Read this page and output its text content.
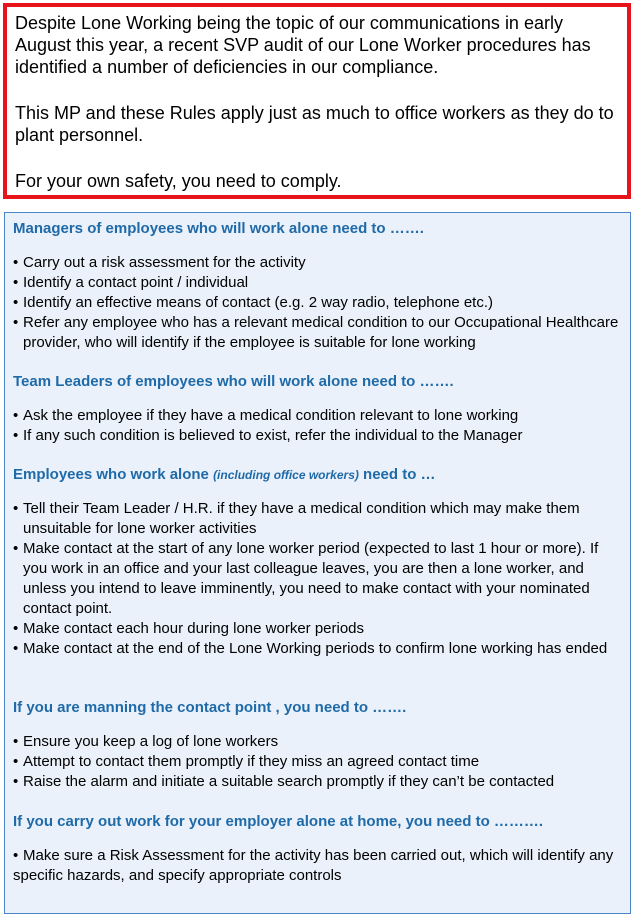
Despite Lone Working being the topic of our communications in early August this year, a recent SVP audit of our Lone Worker procedures has identified a number of deficiencies in our compliance.

This MP and these Rules apply just as much to office workers as they do to plant personnel.

For your own safety, you need to comply.

Managers of employees who will work alone need to …….
• Carry out a risk assessment for the activity
• Identify a contact point / individual
• Identify an effective means of contact (e.g. 2 way radio, telephone etc.)
• Refer any employee who has a relevant medical condition to our Occupational Healthcare provider, who will identify if the employee is suitable for lone working
Team Leaders of employees who will work alone need to …….
• Ask the employee if they have a medical condition relevant to lone working
• If any such condition is believed to exist, refer the individual to the Manager
Employees who work alone (including office workers) need to …
• Tell their Team Leader / H.R. if they have a medical condition which may make them unsuitable for lone worker activities
• Make contact at the start of any lone worker period (expected to last 1 hour or more). If you work in an office and your last colleague leaves, you are then a lone worker, and unless you intend to leave imminently, you need to make contact with your nominated contact point.
• Make contact each hour during lone worker periods
• Make contact at the end of the Lone Working periods to confirm lone working has ended
If you are manning the contact point , you need to …….
• Ensure you keep a log of lone workers
• Attempt to contact them promptly if they miss an agreed contact time
• Raise the alarm and initiate a suitable search promptly if they can’t be contacted
If you carry out work for your employer alone at home, you need to ……….
• Make sure a Risk Assessment for the activity has been carried out, which will identify any specific hazards, and specify appropriate controls
